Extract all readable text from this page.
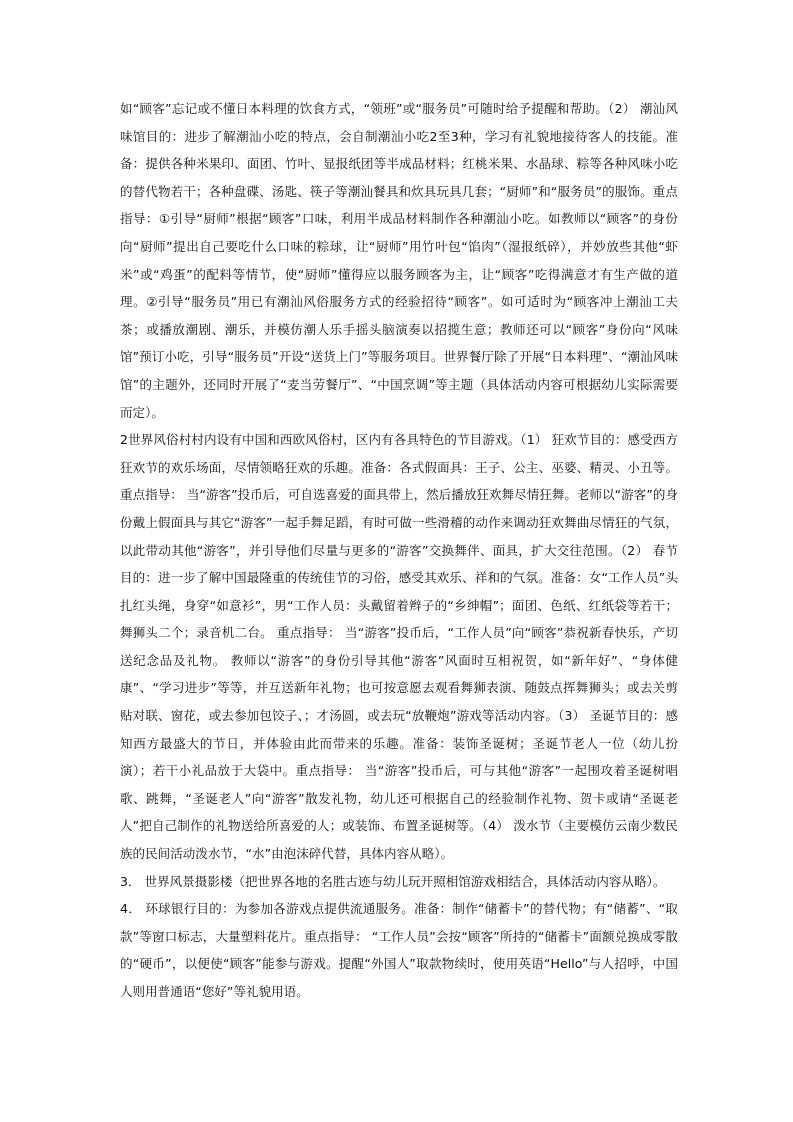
如“顾客”忘记或不懂日本料理的饮食方式，“领班”或“服务员”可随时给予提醒和帮助。（2） 潮汕风味馆目的：进步了解潮汕小吃的特点，会自制潮汕小吃2至3种，学习有礼貌地接待客人的技能。准备：提供各种米果印、面团、竹叶、显报纸团等半成品材料；红桃米果、水晶球、粽等各种风味小吃的替代物若干；各种盘碟、汤匙、筷子等潮汕餐具和炊具玩具几套；“厨师”和“服务员”的服饰。重点指导：①引导“厨师”根据“顾客”口味，利用半成品材料制作各种潮汕小吃。如教师以“顾客”的身份向“厨师”提出自己要吃什么口味的粽球，让“厨师”用竹叶包“馅肉”（湿报纸碎），并妙放些其他“虾米”或“鸡蛋”的配料等情节，使“厨师”懂得应以服务顾客为主，让“顾客”吃得满意才有生产做的道理。②引导“服务员”用已有潮汕风俗服务方式的经验招待“顾客”。如可适时为“顾客冲上潮汕工夫茶；或播放潮剧、潮乐，并模仿潮人乐手摇头脑演奏以招揽生意；教师还可以“顾客”身份向“风味馆”预订小吃，引导“服务员”开设“送货上门”等服务项目。世界餐厅除了开展“日本料理”、“潮汕风味馆”的主题外，还同时开展了“麦当劳餐厅”、“中国烹调”等主题（具体活动内容可根据幼儿实际需要而定）。

2世界风俗村村内设有中国和西欧风俗村，区内有各具特色的节目游戏。（1） 狂欢节目的：感受西方狂欢节的欢乐场面，尽情领略狂欢的乐趣。准备：各式假面具：王子、公主、巫婆、精灵、小丑等。重点指导： 当“游客”投币后，可自选喜爱的面具带上，然后播放狂欢舞尽情狂舞。老师以“游客”的身份戴上假面具与其它“游客”一起手舞足蹈，有时可做一些滑稽的动作来调动狂欢舞曲尽情狂的气氛，以此带动其他“游客”，并引导他们尽量与更多的“游客”交换舞伴、面具，扩大交往范围。（2） 春节 目的：进一步了解中国最隆重的传统佳节的习俗，感受其欢乐、祥和的气氛。准备：女“工作人员”头扎红头绳，身穿“如意衫”，男“工作人员：头戴留着辫子的“乡绅帽”；面团、色纸、红纸袋等若干；舞狮头二个；录音机二台。 重点指导： 当“游客”投币后，“工作人员”向“顾客”恭祝新春快乐，产切送纪念品及礼物。 教师以“游客”的身份引导其他“游客”风面时互相祝贺，如“新年好”、“身体健康”、“学习进步”等等，并互送新年礼物；也可按意愿去观看舞狮表演、随鼓点挥舞狮头；或去关剪贴对联、窗花，或去参加包饺子、；才汤圆，或去玩“放鞭炮”游戏等活动内容。（3） 圣诞节目的：感知西方最盛大的节日，并体验由此而带来的乐趣。准备：装饰圣诞树；圣诞节老人一位（幼儿扮演）；若干小礼品放于大袋中。重点指导： 当“游客”投币后，可与其他“游客”一起围攻着圣诞树唱歌、跳舞，“圣诞老人”向“游客”散发礼物，幼儿还可根据自己的经验制作礼物、贺卡或请“圣诞老人”把自己制作的礼物送给所喜爱的人；或装饰、布置圣诞树等。（4） 泼水节（主要模仿云南少数民族的民间活动泼水节，“水”由泡沫碎代替，具体内容从略）。

3． 世界风景摄影楼（把世界各地的名胜古迹与幼儿玩开照相馆游戏相结合，具体活动内容从略）。

4． 环球银行目的：为参加各游戏点提供流通服务。准备：制作“储蓄卡”的替代物；有“储蓄”、“取款”等窗口标志，大量塑料花片。重点指导： “工作人员”会按“顾客”所持的“储蓄卡”面额兑换成零散的“硬币”，以便使“顾客”能参与游戏。提醒“外国人”取款物续时，使用英语“Hello”与人招呼，中国人则用普通语“您好”等礼貌用语。
